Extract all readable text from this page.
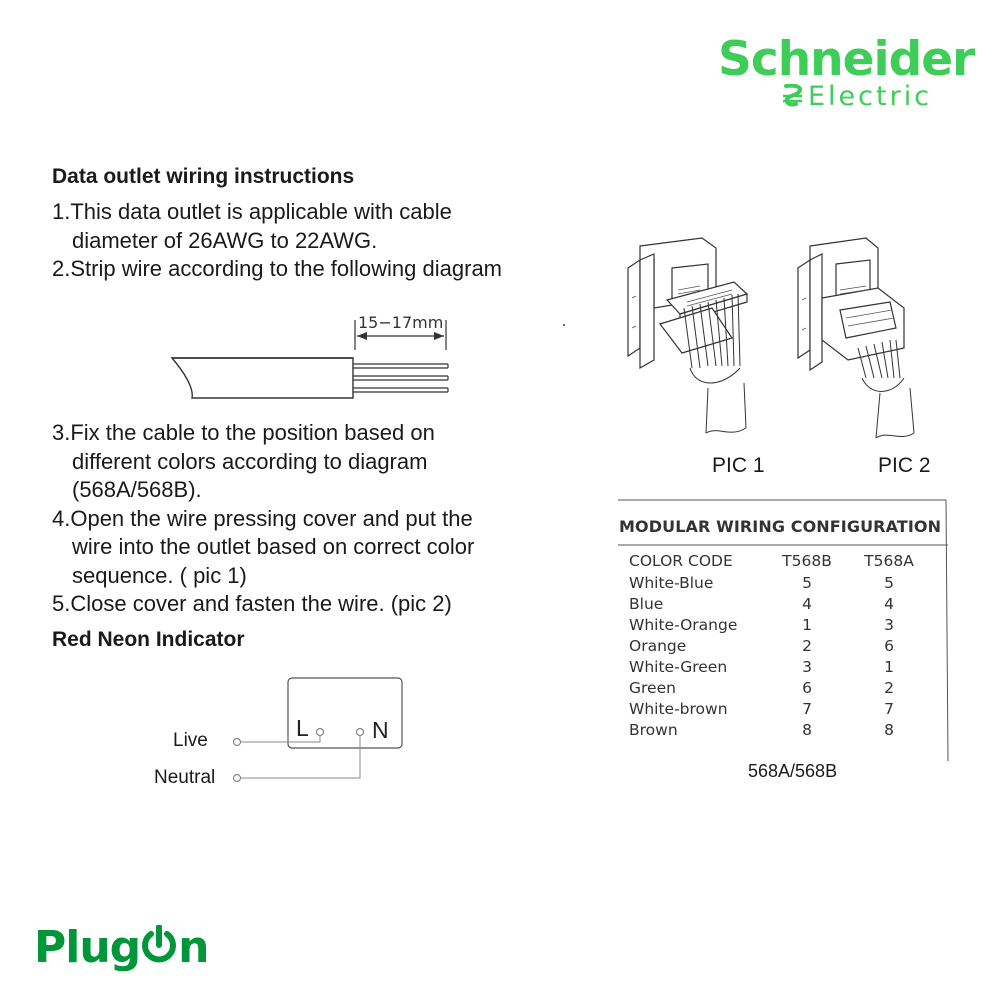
Schneider
Electric
Data outlet wiring instructions
1.This data outlet is applicable with cable
diameter of 26AWG to 22AWG.
2.Strip wire according to the following diagram
15−17mm
3.Fix the cable to the position based on
different colors according to diagram
(568A/568B).
4.Open the wire pressing cover and put the
wire into the outlet based on correct color
sequence. ( pic 1)
5.Close cover and fasten the wire. (pic 2)
Red Neon Indicator
L	N
Live
Neutral
PIC 1	PIC 2
MODULAR WIRING CONFIGURATION
COLOR CODE	T568B	T568A
White-Blue	5	5
Blue	4	4
White-Orange	1	3
Orange	2	6
White-Green	3	1
Green	6	2
White-brown	7	7
Brown	8	8
568A/568B
Plug n
